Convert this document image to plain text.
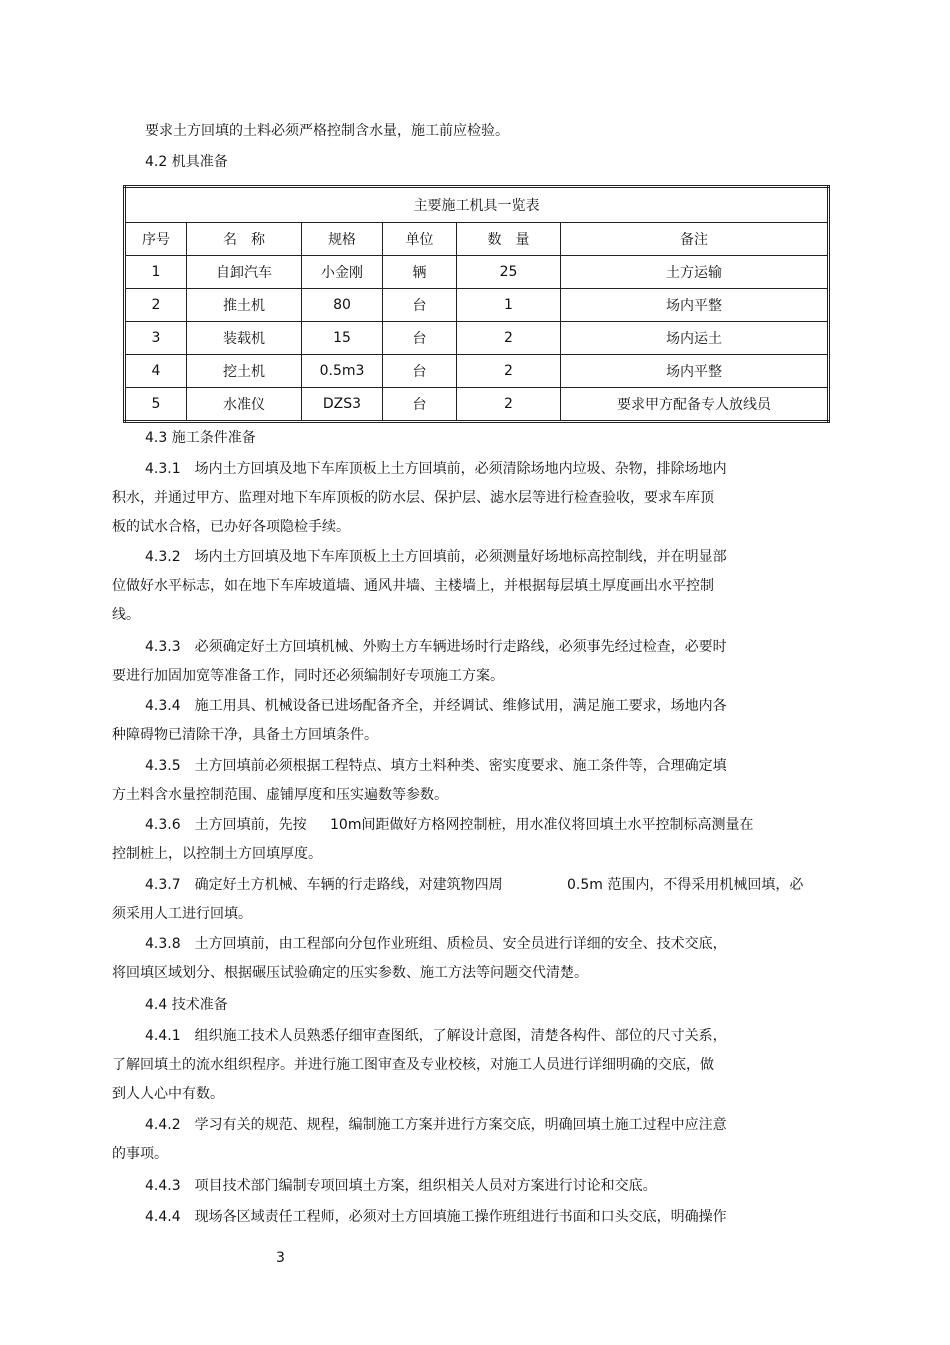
要求土方回填的土料必须严格控制含水量，施工前应检验。
4.2 机具准备
主要施工机具一览表					
序号	名　称	规格	单位	数　量	备注
1	自卸汽车	小金刚	辆	25	土方运输
2	推土机	80	台	1	场内平整
3	装载机	15	台	2	场内运土
4	挖土机	0.5m3	台	2	场内平整
5	水准仪	DZS3	台	2	要求甲方配备专人放线员
4.3 施工条件准备
4.3.1　场内土方回填及地下车库顶板上土方回填前，必须清除场地内垃圾、杂物，排除场地内
积水，并通过甲方、监理对地下车库顶板的防水层、保护层、滤水层等进行检查验收，要求车库顶
板的试水合格，已办好各项隐检手续。
4.3.2　场内土方回填及地下车库顶板上土方回填前，必须测量好场地标高控制线，并在明显部
位做好水平标志，如在地下车库坡道墙、通风井墙、主楼墙上，并根据每层填土厚度画出水平控制
线。
4.3.3　必须确定好土方回填机械、外购土方车辆进场时行走路线，必须事先经过检查，必要时
要进行加固加宽等准备工作，同时还必须编制好专项施工方案。
4.3.4　施工用具、机械设备已进场配备齐全，并经调试、维修试用，满足施工要求，场地内各
种障碍物已清除干净，具备土方回填条件。
4.3.5　土方回填前必须根据工程特点、填方土料种类、密实度要求、施工条件等，合理确定填
方土料含水量控制范围、虚铺厚度和压实遍数等参数。
4.3.6　土方回填前，先按 10m间距做好方格网控制桩，用水准仪将回填土水平控制标高测量在
控制桩上，以控制土方回填厚度。
4.3.7　确定好土方机械、车辆的行走路线，对建筑物四周	0.5m 范围内，不得采用机械回填，必
须采用人工进行回填。
4.3.8　土方回填前，由工程部向分包作业班组、质检员、安全员进行详细的安全、技术交底，
将回填区域划分、根据碾压试验确定的压实参数、施工方法等问题交代清楚。
4.4 技术准备
4.4.1　组织施工技术人员熟悉仔细审查图纸，了解设计意图，清楚各构件、部位的尺寸关系，
了解回填土的流水组织程序。并进行施工图审查及专业校核，对施工人员进行详细明确的交底，做
到人人心中有数。
4.4.2　学习有关的规范、规程，编制施工方案并进行方案交底，明确回填土施工过程中应注意
的事项。
4.4.3　项目技术部门编制专项回填土方案，组织相关人员对方案进行讨论和交底。
4.4.4　现场各区域责任工程师，必须对土方回填施工操作班组进行书面和口头交底，明确操作
3
